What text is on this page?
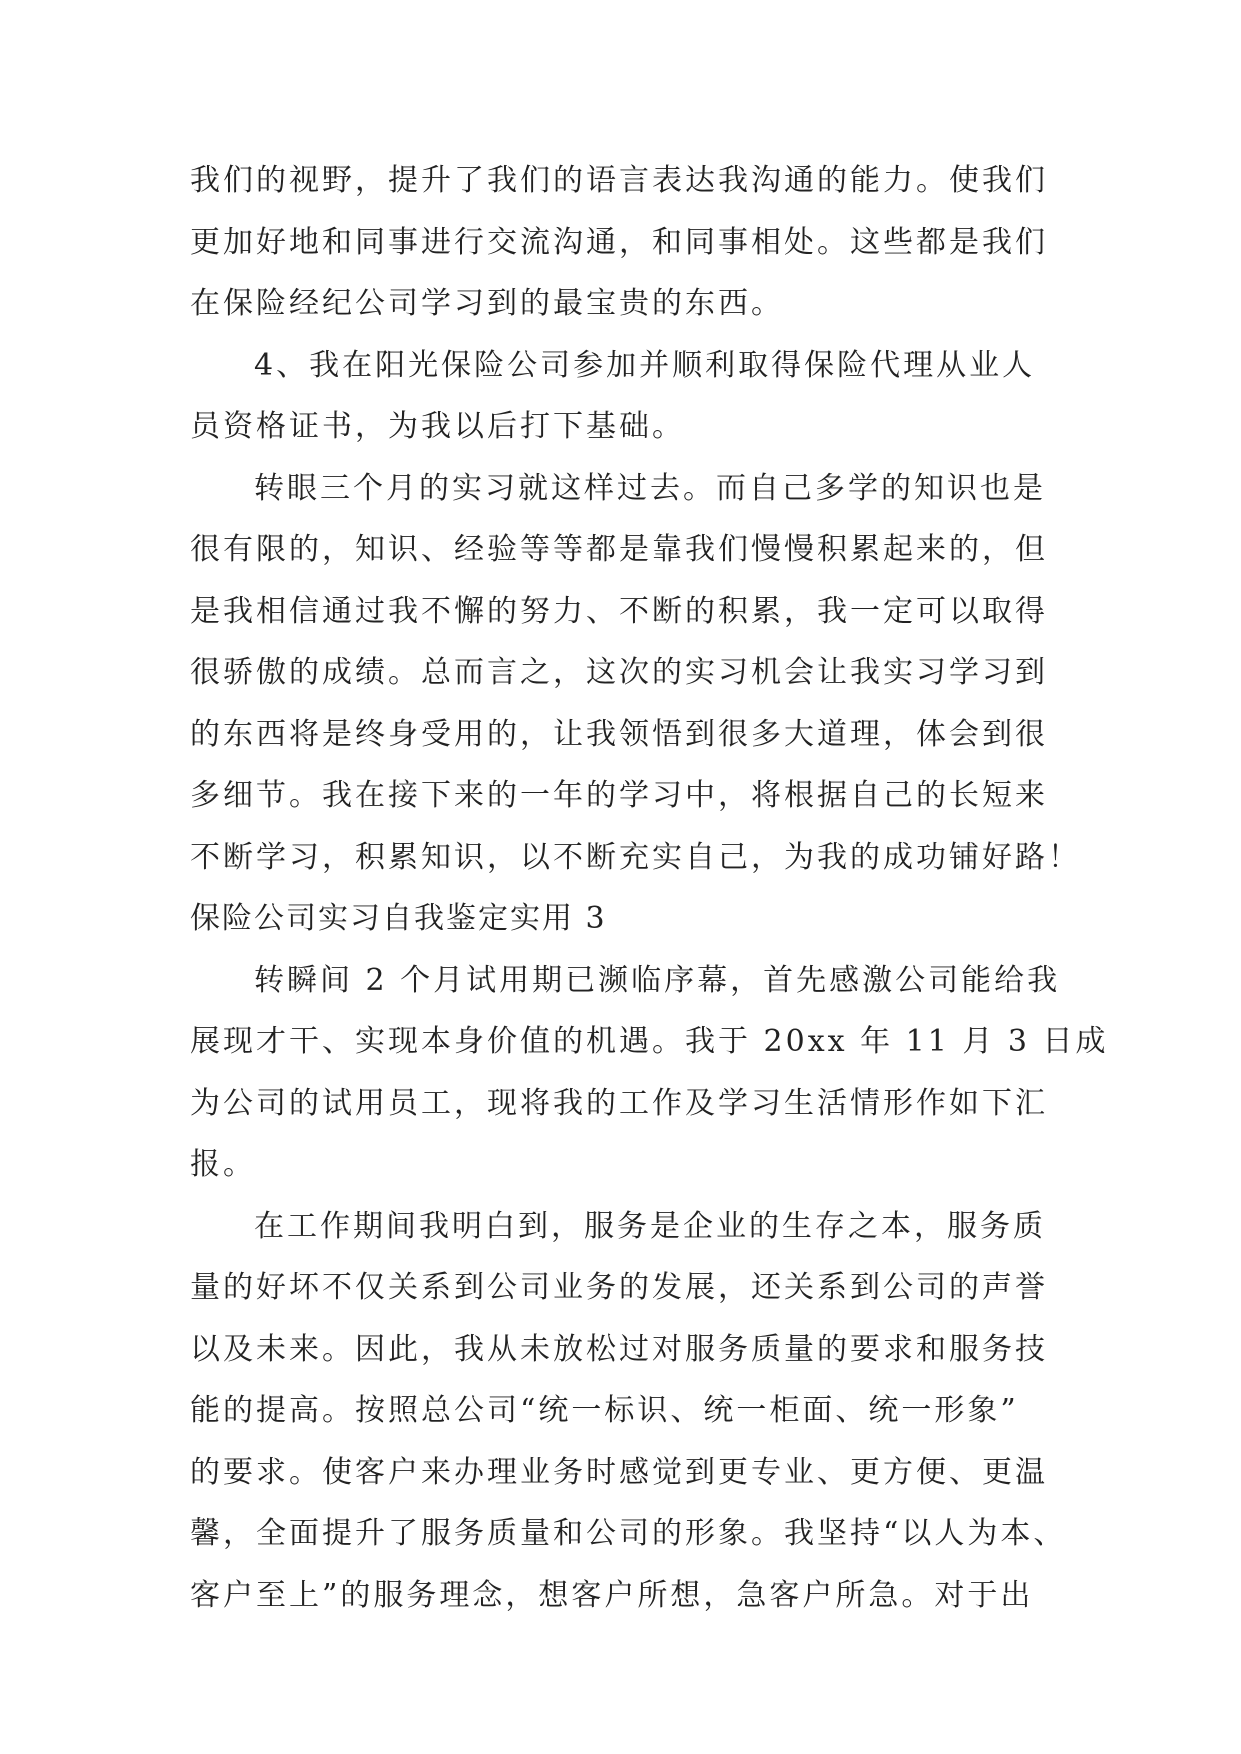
我们的视野，提升了我们的语言表达我沟通的能力。使我们
更加好地和同事进行交流沟通，和同事相处。这些都是我们
在保险经纪公司学习到的最宝贵的东西。
4、我在阳光保险公司参加并顺利取得保险代理从业人
员资格证书，为我以后打下基础。
转眼三个月的实习就这样过去。而自己多学的知识也是
很有限的，知识、经验等等都是靠我们慢慢积累起来的，但
是我相信通过我不懈的努力、不断的积累，我一定可以取得
很骄傲的成绩。总而言之，这次的实习机会让我实习学习到
的东西将是终身受用的，让我领悟到很多大道理，体会到很
多细节。我在接下来的一年的学习中，将根据自己的长短来
不断学习，积累知识，以不断充实自己，为我的成功铺好路！
保险公司实习自我鉴定实用 3
转瞬间 2 个月试用期已濒临序幕，首先感激公司能给我
展现才干、实现本身价值的机遇。我于 20xx 年 11 月 3 日成
为公司的试用员工，现将我的工作及学习生活情形作如下汇
报。
在工作期间我明白到，服务是企业的生存之本，服务质
量的好坏不仅关系到公司业务的发展，还关系到公司的声誉
以及未来。因此，我从未放松过对服务质量的要求和服务技
能的提高。按照总公司“统一标识、统一柜面、统一形象”
的要求。使客户来办理业务时感觉到更专业、更方便、更温
馨，全面提升了服务质量和公司的形象。我坚持“以人为本、
客户至上”的服务理念，想客户所想，急客户所急。对于出
